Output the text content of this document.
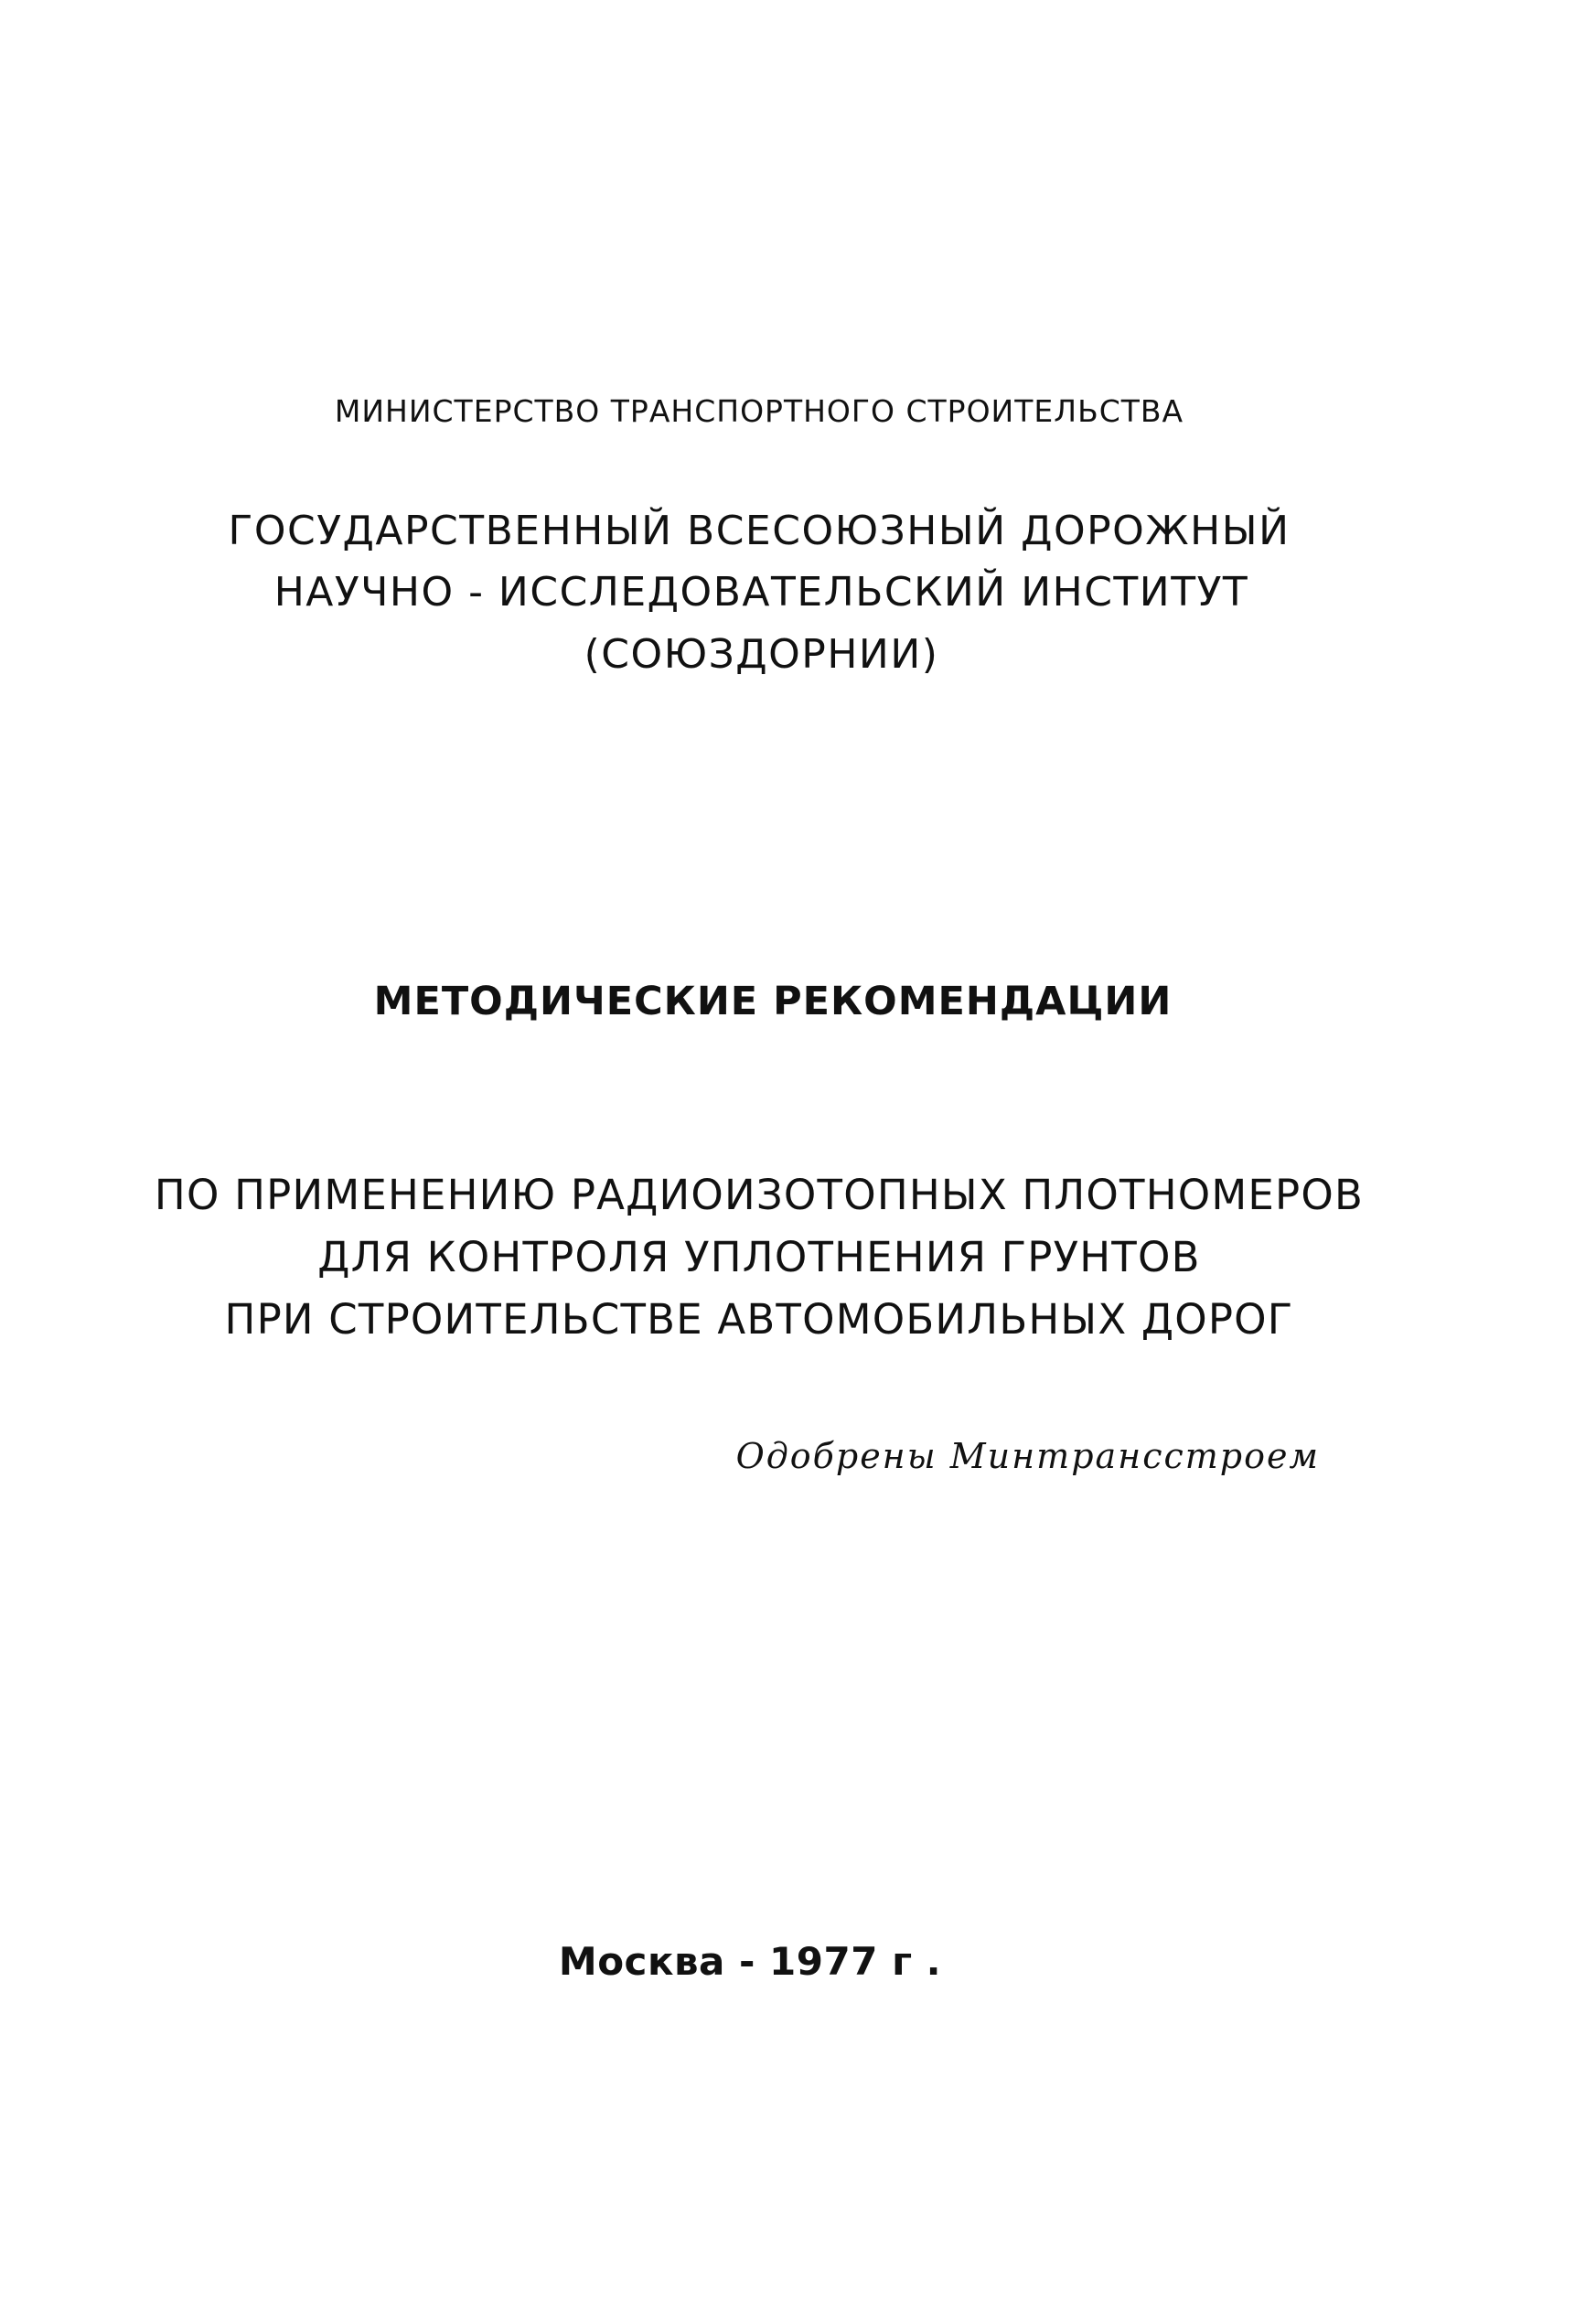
МИНИСТЕРСТВО ТРАНСПОРТНОГО СТРОИТЕЛЬСТВА
ГОСУДАРСТВЕННЫЙ ВСЕСОЮЗНЫЙ ДОРОЖНЫЙ
НАУЧНО - ИССЛЕДОВАТЕЛЬСКИЙ ИНСТИТУТ
(СОЮЗДОРНИИ)
МЕТОДИЧЕСКИЕ РЕКОМЕНДАЦИИ
ПО ПРИМЕНЕНИЮ РАДИОИЗОТОПНЫХ ПЛОТНОМЕРОВ
ДЛЯ КОНТРОЛЯ УПЛОТНЕНИЯ ГРУНТОВ
ПРИ СТРОИТЕЛЬСТВЕ АВТОМОБИЛЬНЫХ ДОРОГ
Одобрены Минтрансстроем
Москва - 1977 г .
